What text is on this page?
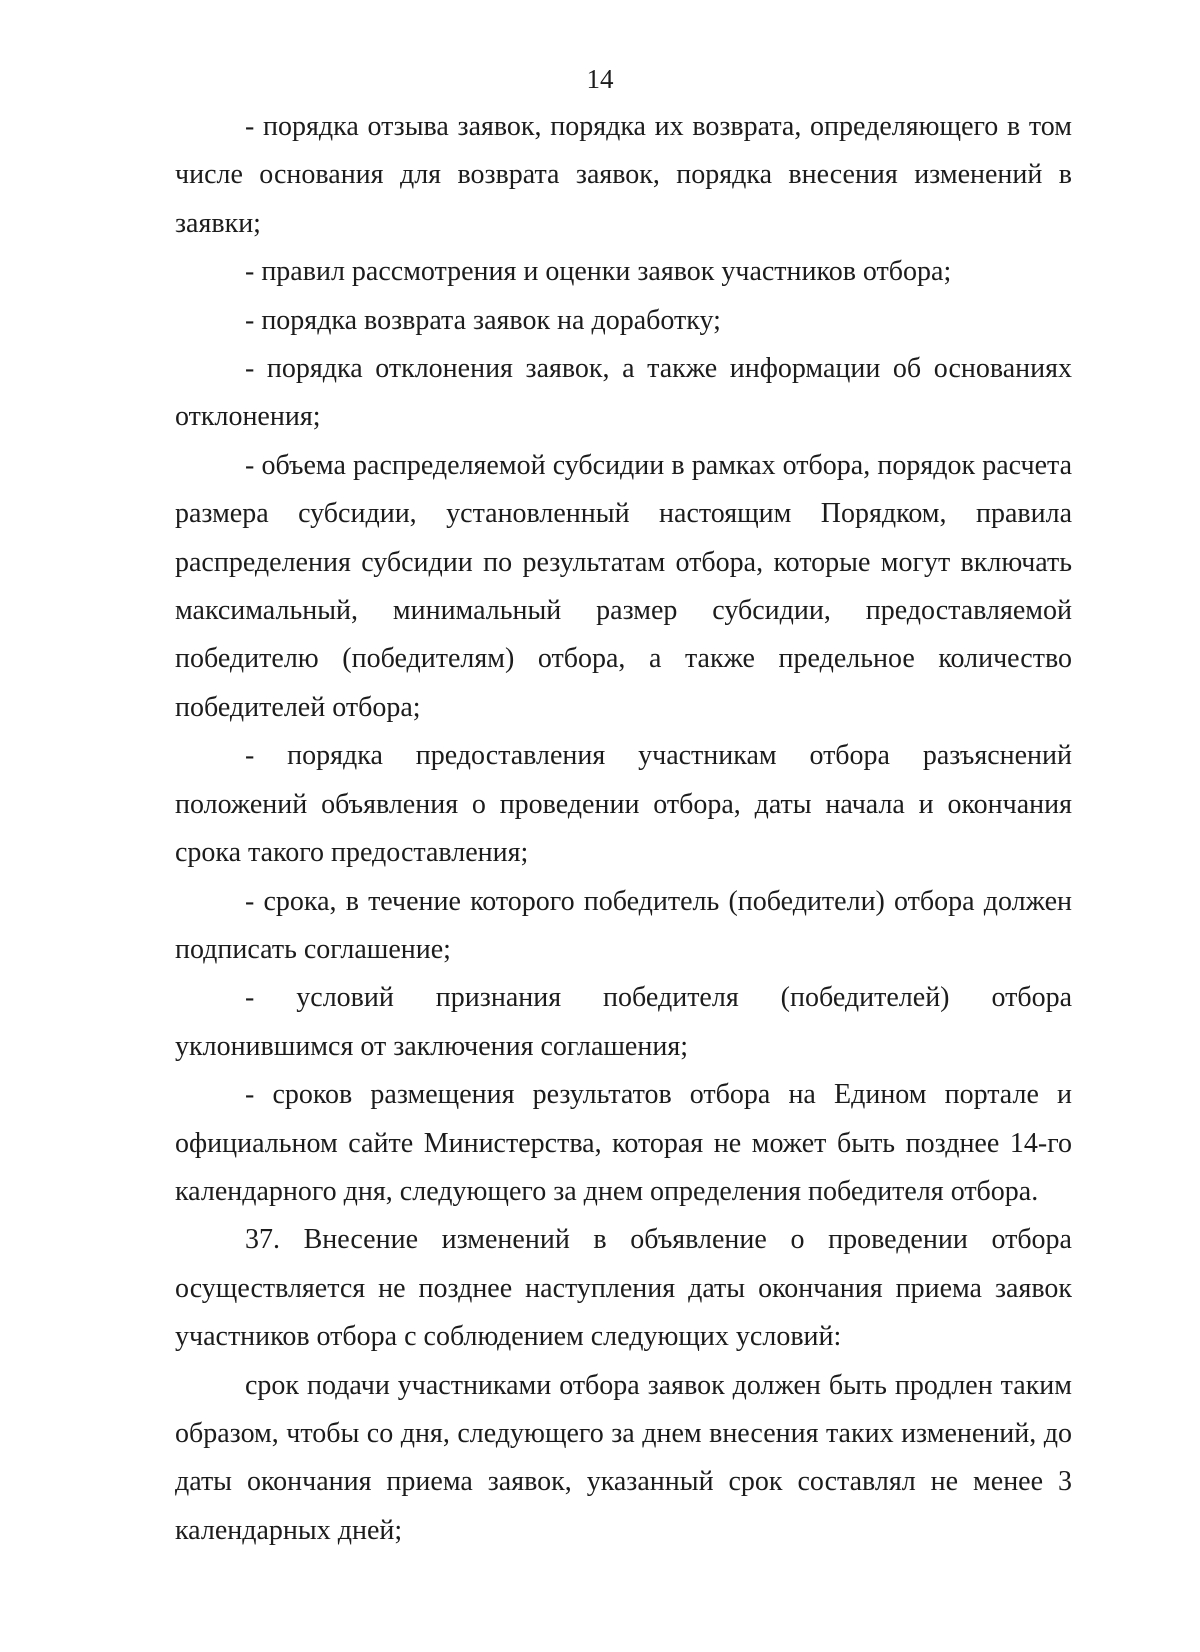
14

- порядка отзыва заявок, порядка их возврата, определяющего в том числе основания для возврата заявок, порядка внесения изменений в заявки;

- правил рассмотрения и оценки заявок участников отбора;

- порядка возврата заявок на доработку;

- порядка отклонения заявок, а также информации об основаниях отклонения;

- объема распределяемой субсидии в рамках отбора, порядок расчета размера субсидии, установленный настоящим Порядком, правила распределения субсидии по результатам отбора, которые могут включать максимальный, минимальный размер субсидии, предоставляемой победителю (победителям) отбора, а также предельное количество победителей отбора;

- порядка предоставления участникам отбора разъяснений положений объявления о проведении отбора, даты начала и окончания срока такого предоставления;

- срока, в течение которого победитель (победители) отбора должен подписать соглашение;

- условий признания победителя (победителей) отбора уклонившимся от заключения соглашения;

- сроков размещения результатов отбора на Едином портале и официальном сайте Министерства, которая не может быть позднее 14-го календарного дня, следующего за днем определения победителя отбора.

37. Внесение изменений в объявление о проведении отбора осуществляется не позднее наступления даты окончания приема заявок участников отбора с соблюдением следующих условий:

срок подачи участниками отбора заявок должен быть продлен таким образом, чтобы со дня, следующего за днем внесения таких изменений, до даты окончания приема заявок, указанный срок составлял не менее 3 календарных дней;
